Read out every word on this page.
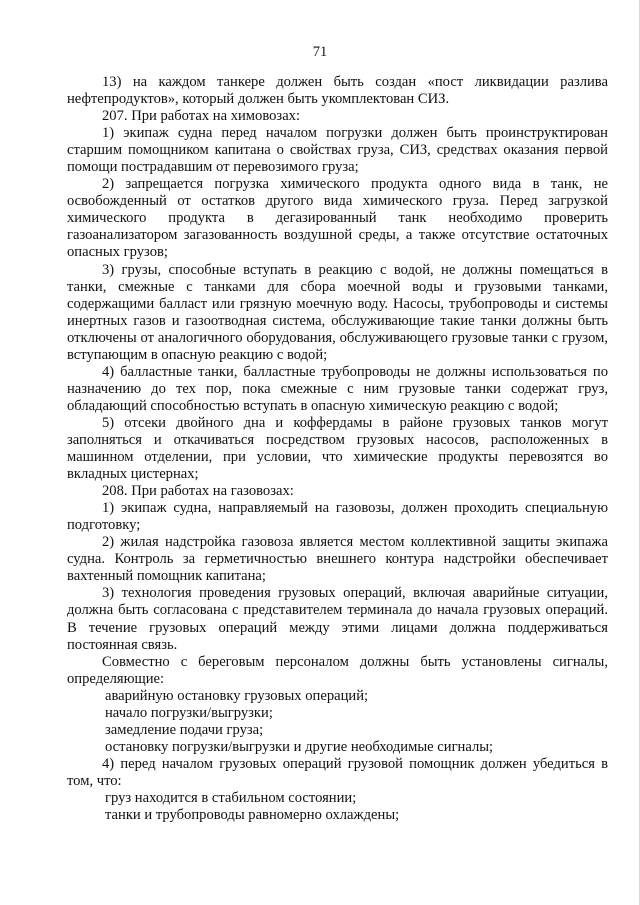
71

13) на каждом танкере должен быть создан «пост ликвидации разлива нефтепродуктов», который должен быть укомплектован СИЗ.

207. При работах на химовозах:

1) экипаж судна перед началом погрузки должен быть проинструктирован старшим помощником капитана о свойствах груза, СИЗ, средствах оказания первой помощи пострадавшим от перевозимого груза;

2) запрещается погрузка химического продукта одного вида в танк, не освобожденный от остатков другого вида химического груза. Перед загрузкой химического продукта в дегазированный танк необходимо проверить газоанализатором загазованность воздушной среды, а также отсутствие остаточных опасных грузов;

3) грузы, способные вступать в реакцию с водой, не должны помещаться в танки, смежные с танками для сбора моечной воды и грузовыми танками, содержащими балласт или грязную моечную воду. Насосы, трубопроводы и системы инертных газов и газоотводная система, обслуживающие такие танки должны быть отключены от аналогичного оборудования, обслуживающего грузовые танки с грузом, вступающим в опасную реакцию с водой;

4) балластные танки, балластные трубопроводы не должны использоваться по назначению до тех пор, пока смежные с ним грузовые танки содержат груз, обладающий способностью вступать в опасную химическую реакцию с водой;

5) отсеки двойного дна и коффердамы в районе грузовых танков могут заполняться и откачиваться посредством грузовых насосов, расположенных в машинном отделении, при условии, что химические продукты перевозятся во вкладных цистернах;

208. При работах на газовозах:

1) экипаж судна, направляемый на газовозы, должен проходить специальную подготовку;

2) жилая надстройка газовоза является местом коллективной защиты экипажа судна. Контроль за герметичностью внешнего контура надстройки обеспечивает вахтенный помощник капитана;

3) технология проведения грузовых операций, включая аварийные ситуации, должна быть согласована с представителем терминала до начала грузовых операций. В течение грузовых операций между этими лицами должна поддерживаться постоянная связь.

Совместно с береговым персоналом должны быть установлены сигналы, определяющие:

аварийную остановку грузовых операций;

начало погрузки/выгрузки;

замедление подачи груза;

остановку погрузки/выгрузки и другие необходимые сигналы;

4) перед началом грузовых операций грузовой помощник должен убедиться в том, что:

груз находится в стабильном состоянии;

танки и трубопроводы равномерно охлаждены;
